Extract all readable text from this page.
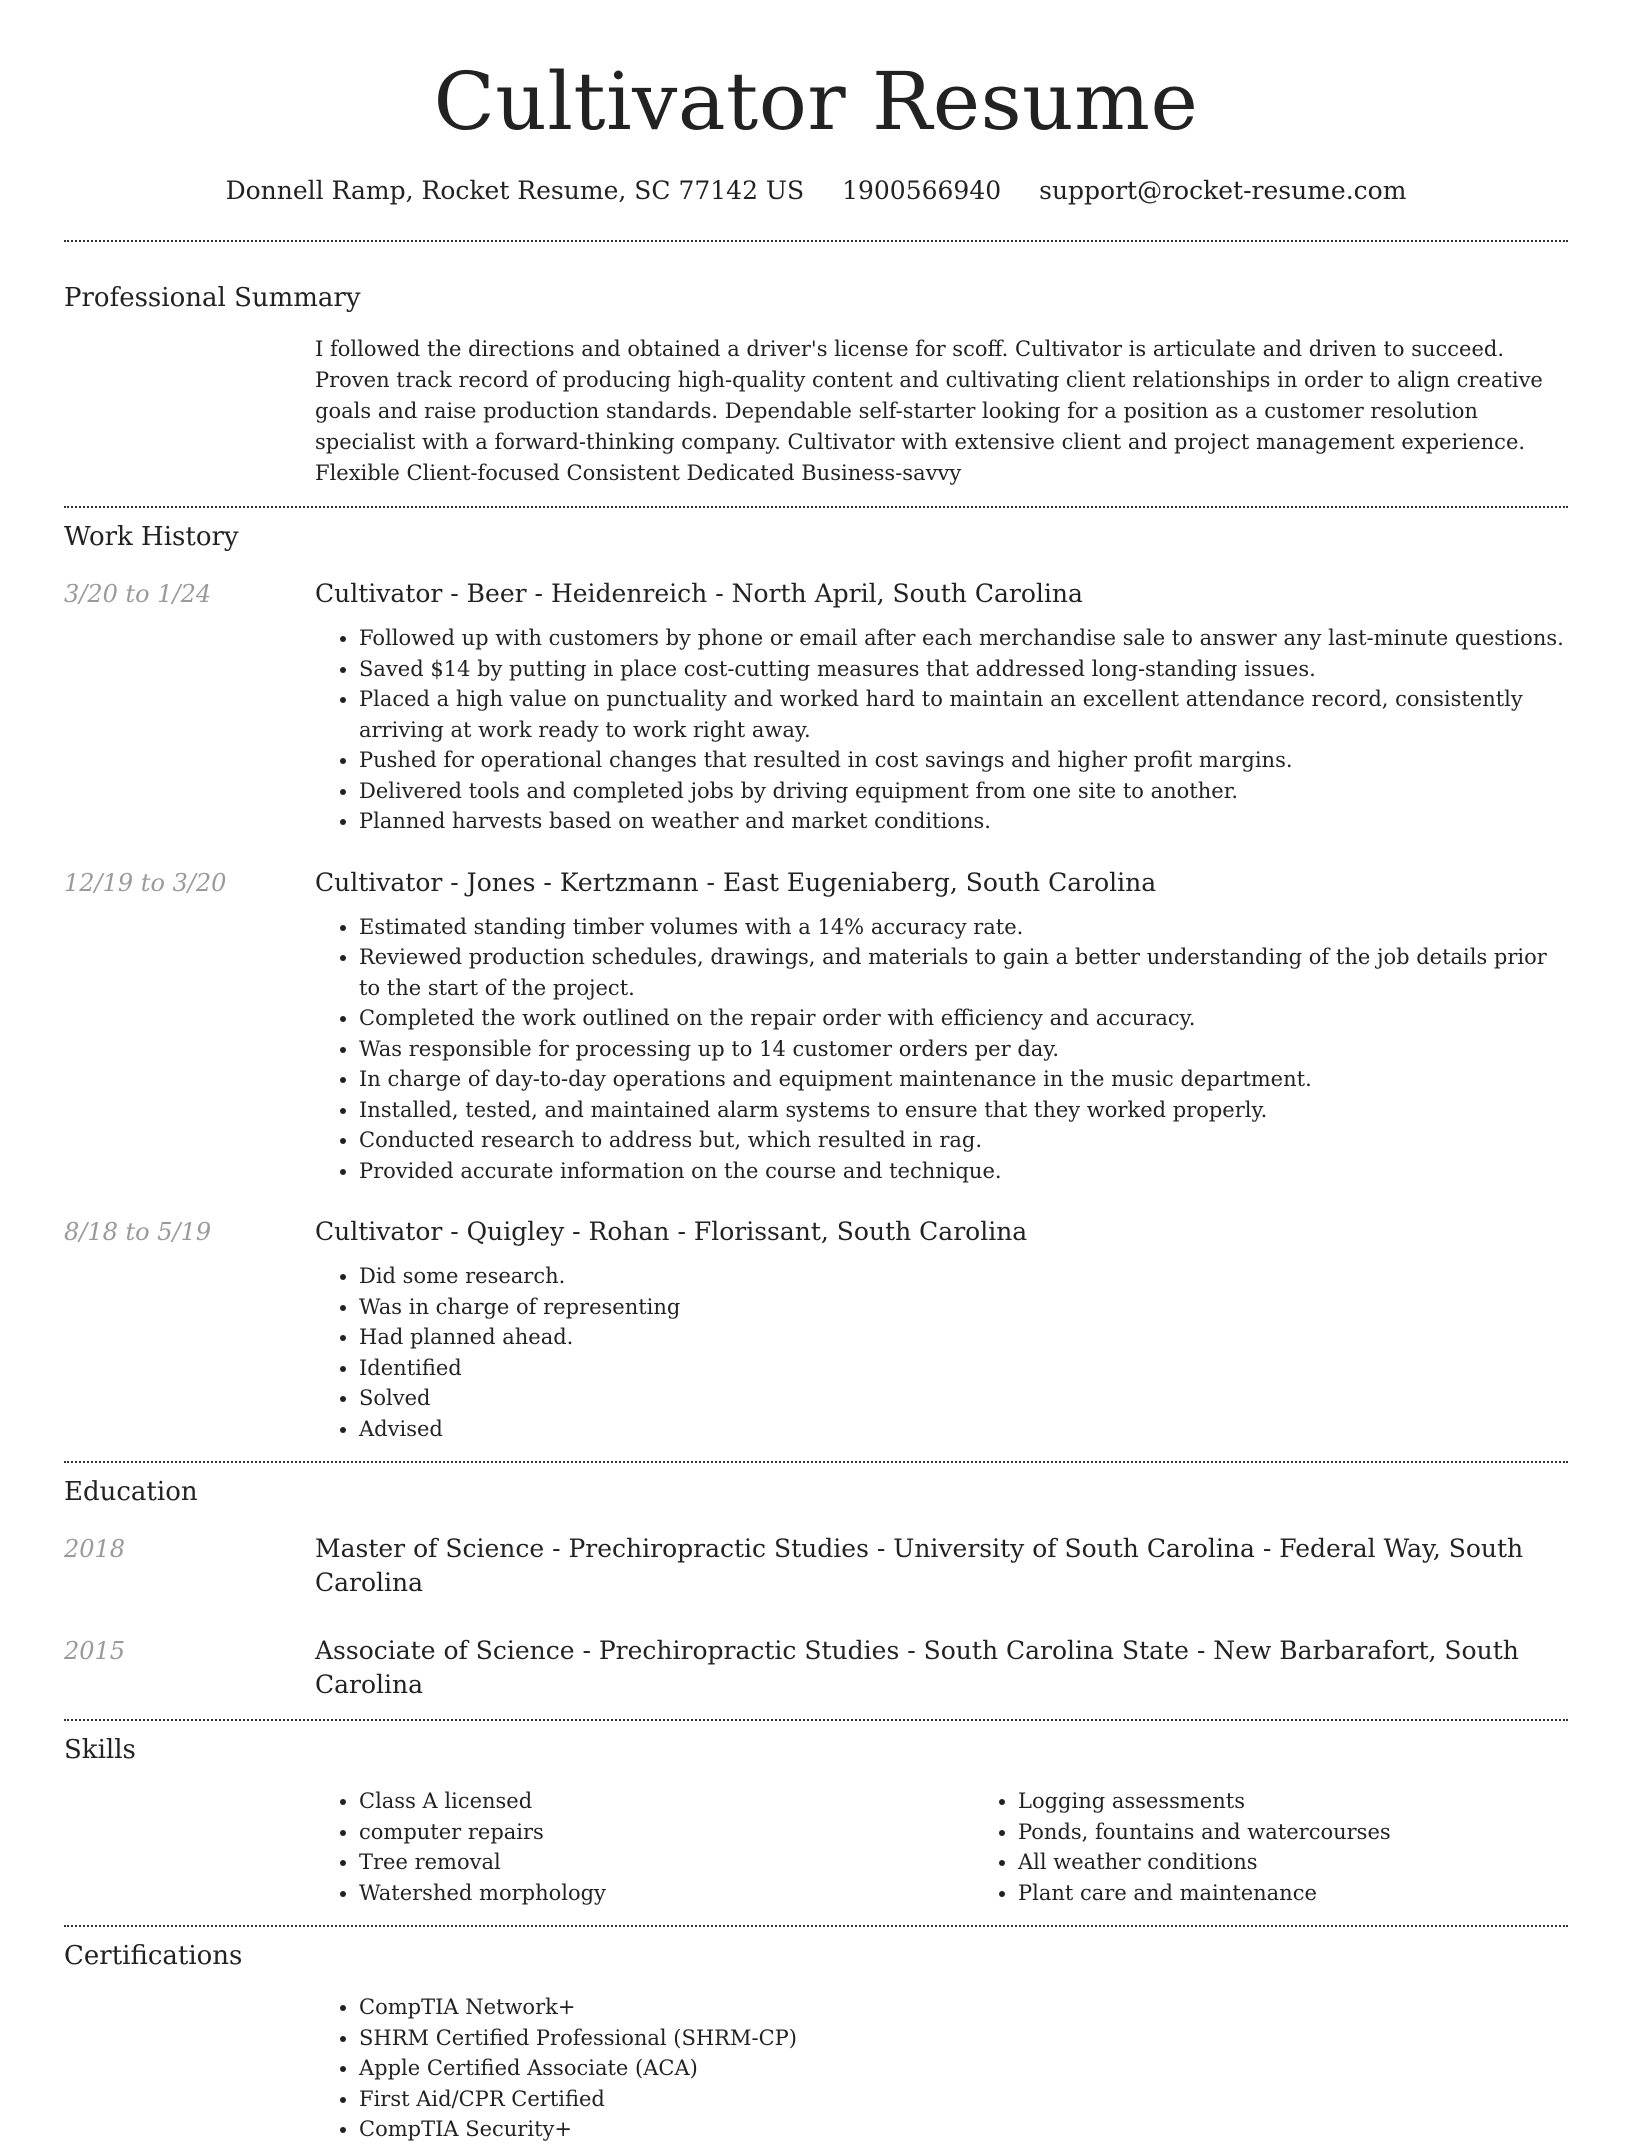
Cultivator Resume
Donnell Ramp, Rocket Resume, SC 77142 US 1900566940 support@rocket-resume.com
Professional Summary

I followed the directions and obtained a driver's license for scoff. Cultivator is articulate and driven to succeed. Proven track record of producing high-quality content and cultivating client relationships in order to align creative goals and raise production standards. Dependable self-starter looking for a position as a customer resolution specialist with a forward-thinking company. Cultivator with extensive client and project management experience. Flexible Client-focused Consistent Dedicated Business-savvy

Work History
3/20 to 1/24	Cultivator - Beer - Heidenreich - North April, South Carolina
• Followed up with customers by phone or email after each merchandise sale to answer any last-minute questions.
• Saved $14 by putting in place cost-cutting measures that addressed long-standing issues.
• Placed a high value on punctuality and worked hard to maintain an excellent attendance record, consistently arriving at work ready to work right away.
• Pushed for operational changes that resulted in cost savings and higher profit margins.
• Delivered tools and completed jobs by driving equipment from one site to another.
• Planned harvests based on weather and market conditions.
12/19 to 3/20	Cultivator - Jones - Kertzmann - East Eugeniaberg, South Carolina
• Estimated standing timber volumes with a 14% accuracy rate.
• Reviewed production schedules, drawings, and materials to gain a better understanding of the job details prior to the start of the project.
• Completed the work outlined on the repair order with efficiency and accuracy.
• Was responsible for processing up to 14 customer orders per day.
• In charge of day-to-day operations and equipment maintenance in the music department.
• Installed, tested, and maintained alarm systems to ensure that they worked properly.
• Conducted research to address but, which resulted in rag.
• Provided accurate information on the course and technique.
8/18 to 5/19	Cultivator - Quigley - Rohan - Florissant, South Carolina
• Did some research.
• Was in charge of representing
• Had planned ahead.
• Identified
• Solved
• Advised
Education
2018	Master of Science - Prechiropractic Studies - University of South Carolina - Federal Way, South Carolina
2015	Associate of Science - Prechiropractic Studies - South Carolina State - New Barbarafort, South Carolina
Skills
• Class A licensed
• computer repairs
• Tree removal
• Watershed morphology
• Logging assessments
• Ponds, fountains and watercourses
• All weather conditions
• Plant care and maintenance
Certifications
• CompTIA Network+
• SHRM Certified Professional (SHRM-CP)
• Apple Certified Associate (ACA)
• First Aid/CPR Certified
• CompTIA Security+
